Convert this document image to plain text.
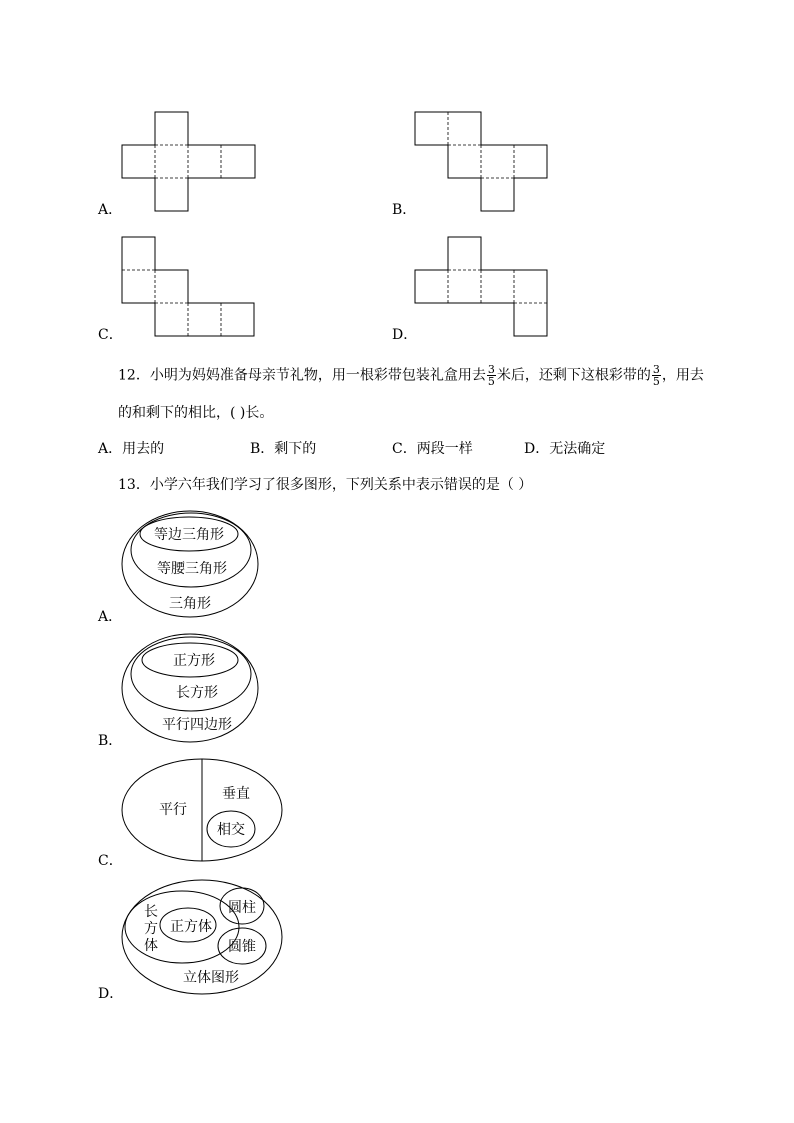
A．	B．
C．	D．
12．小明为妈妈准备母亲节礼物，用一根彩带包装礼盒用去 $\frac{3}{5}$ 米后，还剩下这根彩带的 $\frac{3}{5}$ ，用去
的和剩下的相比，( )长。
A．用去的	B．剩下的	C．两段一样	D．无法确定
13．小学六年我们学习了很多图形，下列关系中表示错误的是（ ）
等边三角形
等腰三角形
三角形
A．
正方形
长方形
平行四边形
B．
平行
垂直
相交
C．
长
方
体
正方体
圆柱
圆锥
立体图形
D．
